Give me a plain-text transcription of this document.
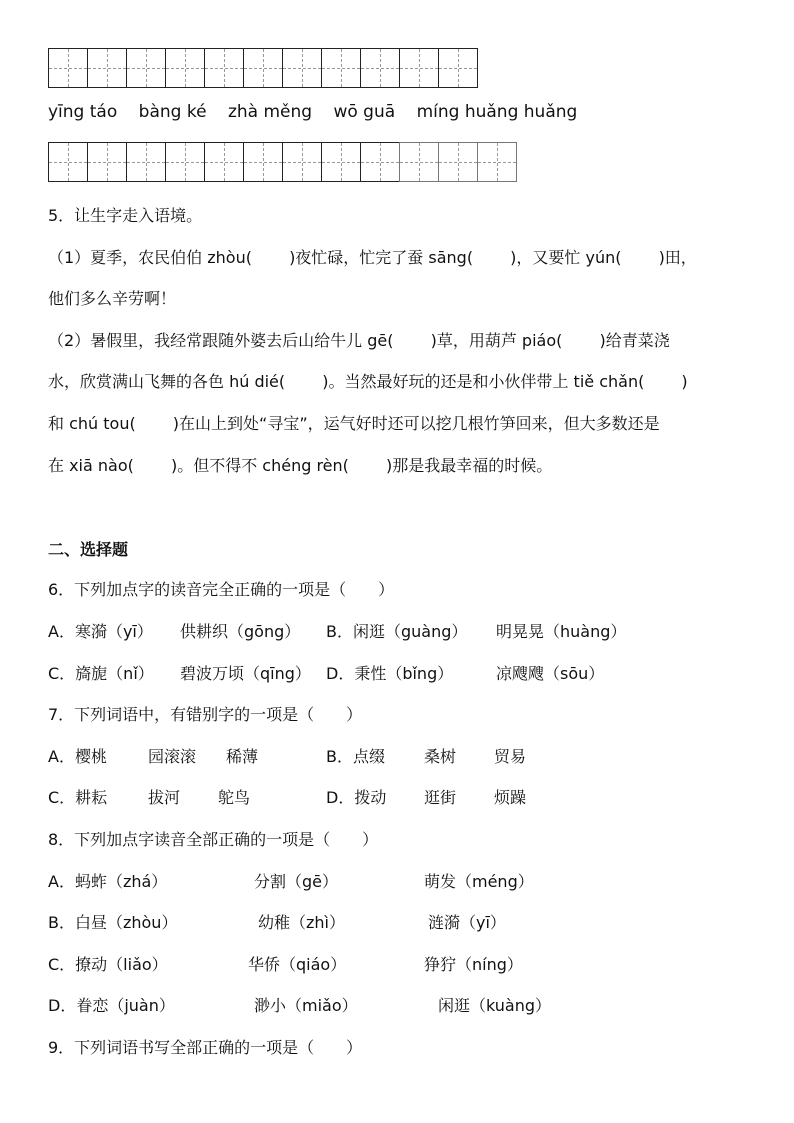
yīng táo bàng ké zhà měng wō guā míng huǎng huǎng
5．让生字走入语境。
（1）夏季，农民伯伯 zhòu(　　 )夜忙碌，忙完了蚕 sāng(　　 )，又要忙 yún(　　 )田，
他们多么辛劳啊！
（2）暑假里，我经常跟随外婆去后山给牛儿 gē(　　 )草，用葫芦 piáo(　　 )给青菜浇
水，欣赏满山飞舞的各色 hú dié(　　 )。当然最好玩的还是和小伙伴带上 tiě chǎn(　　 )
和 chú tou(　　 )在山上到处“寻宝”，运气好时还可以挖几根竹笋回来，但大多数还是
在 xiā nào(　　 )。但不得不 chéng rèn(　　 )那是我最幸福的时候。
二、选择题
6．下列加点字的读音完全正确的一项是（　　）
A．寒漪（yī） 供耕织（gōng） B．闲逛（guàng） 明晃晃（huàng）
C．旖旎（nǐ） 碧波万顷（qīng） D．秉性（bǐng）	凉飕飕（sōu）
7．下列词语中，有错别字的一项是（　　）
A．樱桃	园滚滚 稀薄	B．点缀 桑树 贸易
C．耕耘	拔河 鸵鸟	D．拨动 逛街 烦躁
8．下列加点字读音全部正确的一项是（　　）
A．蚂蚱（zhá）	分割（gē）	萌发（méng）
B．白昼（zhòu）	幼稚（zhì）	涟漪（yī）
C．撩动（liǎo）	华侨（qiáo）	狰狞（níng）
D．眷恋（juàn）	渺小（miǎo）	闲逛（kuàng）
9．下列词语书写全部正确的一项是（　　）
